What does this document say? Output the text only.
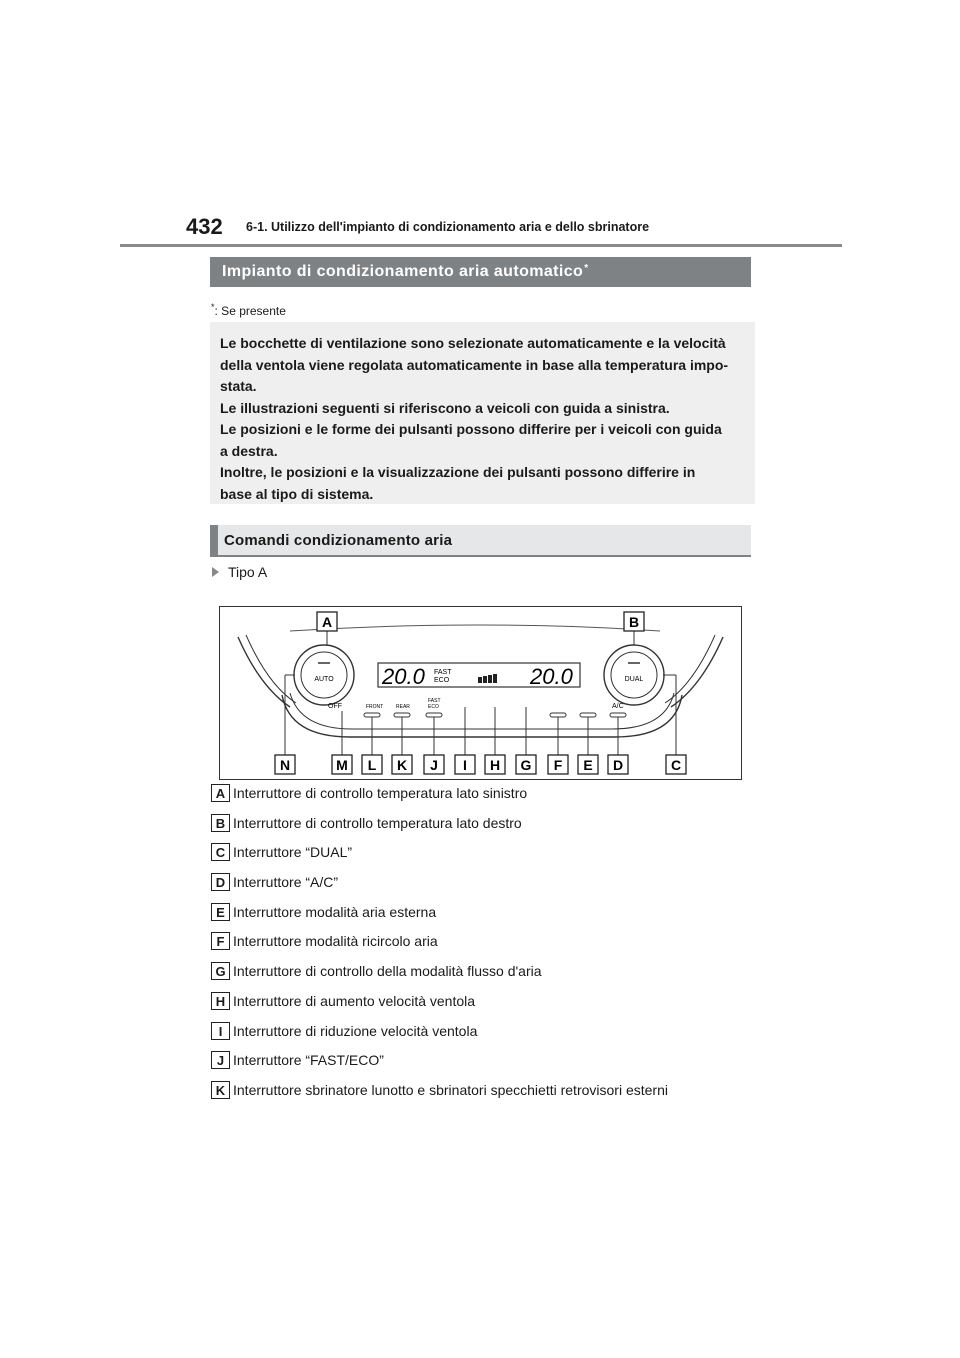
432 6-1. Utilizzo dell'impianto di condizionamento aria e dello sbrinatore
Impianto di condizionamento aria automatico*
*: Se presente
Le bocchette di ventilazione sono selezionate automaticamente e la velocità
della ventola viene regolata automaticamente in base alla temperatura impo-
stata.
Le illustrazioni seguenti si riferiscono a veicoli con guida a sinistra.
Le posizioni e le forme dei pulsanti possono differire per i veicoli con guida
a destra.
Inoltre, le posizioni e la visualizzazione dei pulsanti possono differire in
base al tipo di sistema.
Comandi condizionamento aria
Tipo A
AUTO	DUAL
20.0 FAST
ECO	20.0
OFF	FRONT	REAR
FAST
ECO	A/C
A	B
N	M L K J I H G F E D	C
A Interruttore di controllo temperatura lato sinistro
B Interruttore di controllo temperatura lato destro
C Interruttore “DUAL”
D Interruttore “A/C”
E Interruttore modalità aria esterna
F Interruttore modalità ricircolo aria
G Interruttore di controllo della modalità flusso d'aria
H Interruttore di aumento velocità ventola
I Interruttore di riduzione velocità ventola
J Interruttore “FAST/ECO”
K Interruttore sbrinatore lunotto e sbrinatori specchietti retrovisori esterni
